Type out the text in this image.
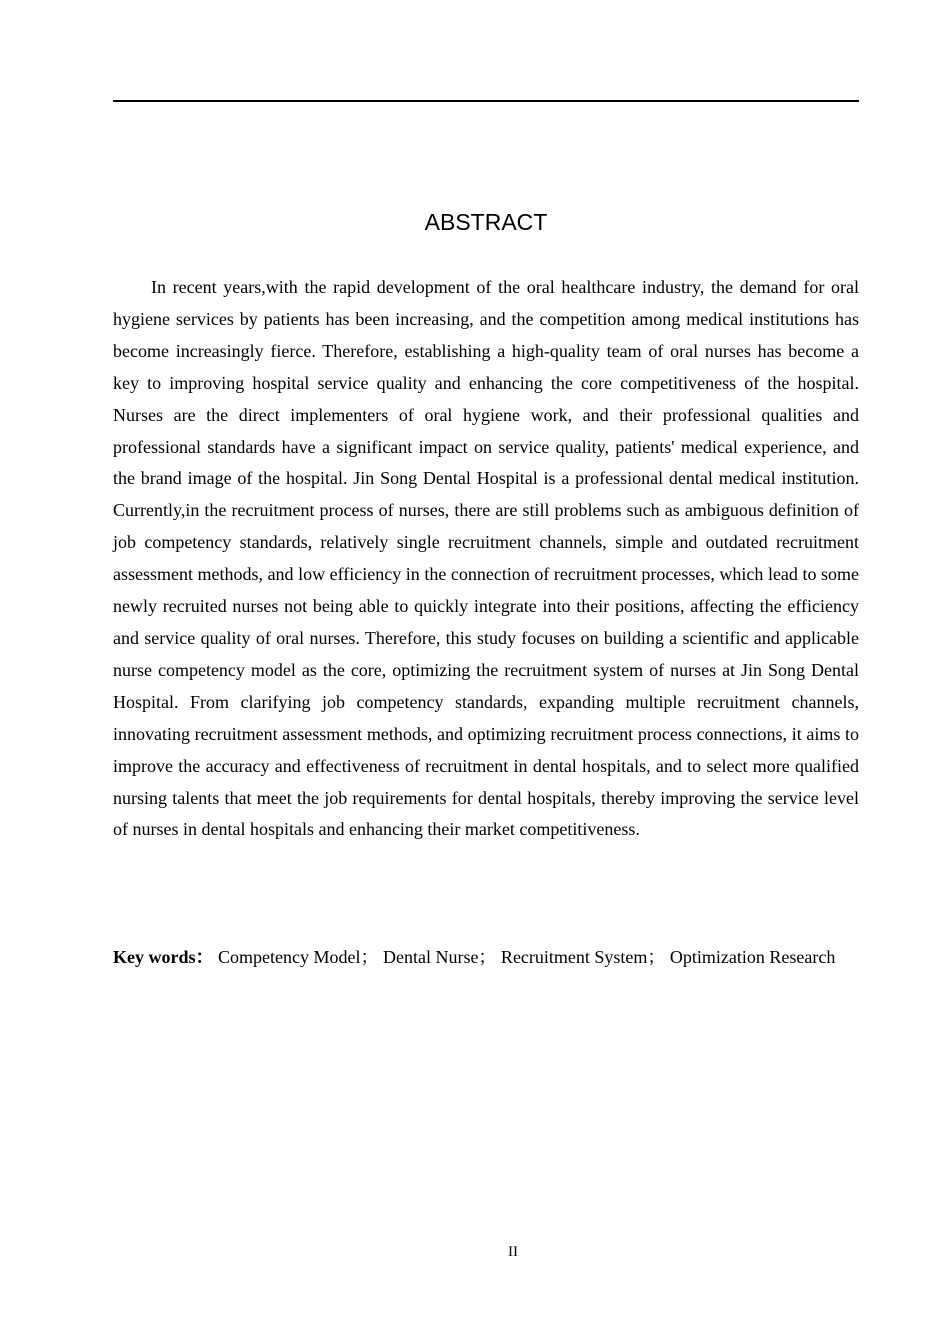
ABSTRACT

In recent years,with the rapid development of the oral healthcare industry, the demand for oral hygiene services by patients has been increasing, and the competition among medical institutions has become increasingly fierce. Therefore, establishing a high-quality team of oral nurses has become a key to improving hospital service quality and enhancing the core competitiveness of the hospital. Nurses are the direct implementers of oral hygiene work, and their professional qualities and professional standards have a significant impact on service quality, patients' medical experience, and the brand image of the hospital. Jin Song Dental Hospital is a professional dental medical institution. Currently,in the recruitment process of nurses, there are still problems such as ambiguous definition of job competency standards, relatively single recruitment channels, simple and outdated recruitment assessment methods, and low efficiency in the connection of recruitment processes, which lead to some newly recruited nurses not being able to quickly integrate into their positions, affecting the efficiency and service quality of oral nurses. Therefore, this study focuses on building a scientific and applicable nurse competency model as the core, optimizing the recruitment system of nurses at Jin Song Dental Hospital. From clarifying job competency standards, expanding multiple recruitment channels, innovating recruitment assessment methods, and optimizing recruitment process connections, it aims to improve the accuracy and effectiveness of recruitment in dental hospitals, and to select more qualified nursing talents that meet the job requirements for dental hospitals, thereby improving the service level of nurses in dental hospitals and enhancing their market competitiveness.

Key words： Competency Model； Dental Nurse； Recruitment System； Optimization Research

II
